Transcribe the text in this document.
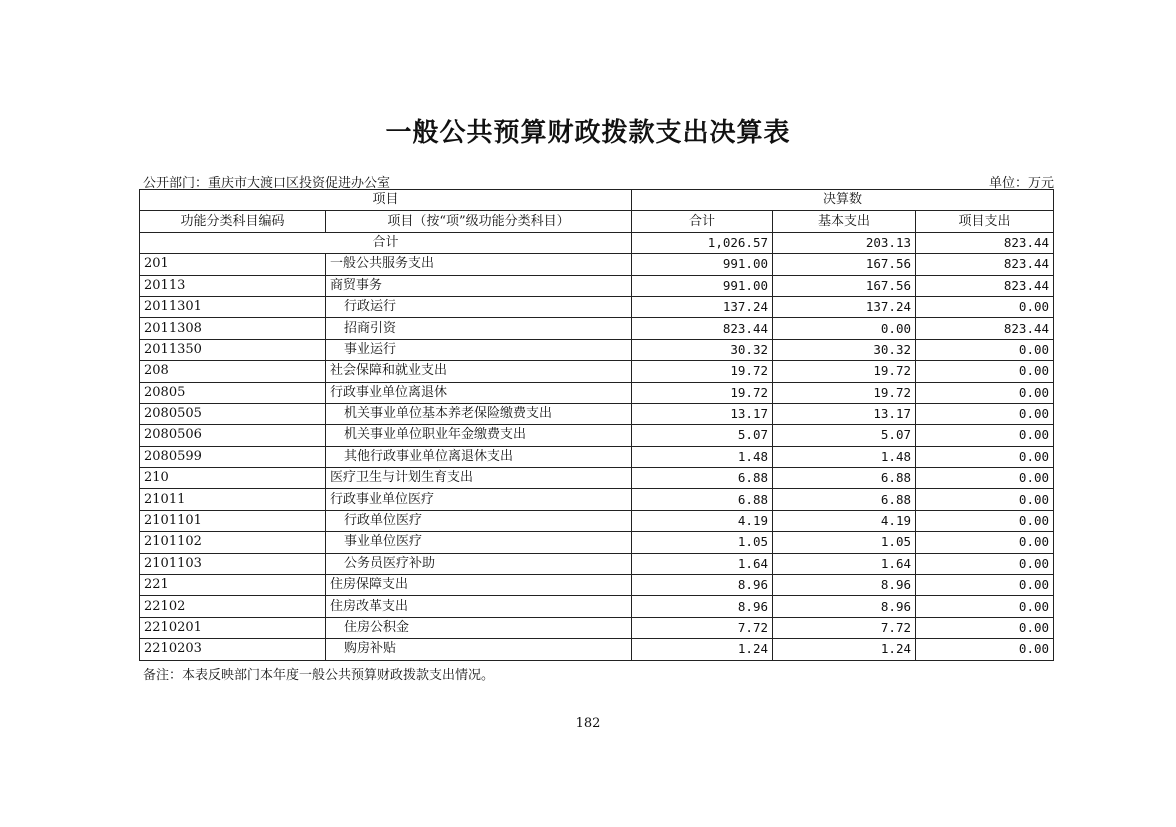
一般公共预算财政拨款支出决算表
公开部门：重庆市大渡口区投资促进办公室	单位：万元
项目		决算数		
功能分类科目编码	项目（按“项”级功能分类科目）	合计	基本支出	项目支出
合计		1,026.57	203.13	823.44
201	一般公共服务支出	991.00	167.56	823.44
20113	商贸事务	991.00	167.56	823.44
2011301	行政运行	137.24	137.24	0.00
2011308	招商引资	823.44	0.00	823.44
2011350	事业运行	30.32	30.32	0.00
208	社会保障和就业支出	19.72	19.72	0.00
20805	行政事业单位离退休	19.72	19.72	0.00
2080505	机关事业单位基本养老保险缴费支出	13.17	13.17	0.00
2080506	机关事业单位职业年金缴费支出	5.07	5.07	0.00
2080599	其他行政事业单位离退休支出	1.48	1.48	0.00
210	医疗卫生与计划生育支出	6.88	6.88	0.00
21011	行政事业单位医疗	6.88	6.88	0.00
2101101	行政单位医疗	4.19	4.19	0.00
2101102	事业单位医疗	1.05	1.05	0.00
2101103	公务员医疗补助	1.64	1.64	0.00
221	住房保障支出	8.96	8.96	0.00
22102	住房改革支出	8.96	8.96	0.00
2210201	住房公积金	7.72	7.72	0.00
2210203	购房补贴	1.24	1.24	0.00
备注：本表反映部门本年度一般公共预算财政拨款支出情况。
182
